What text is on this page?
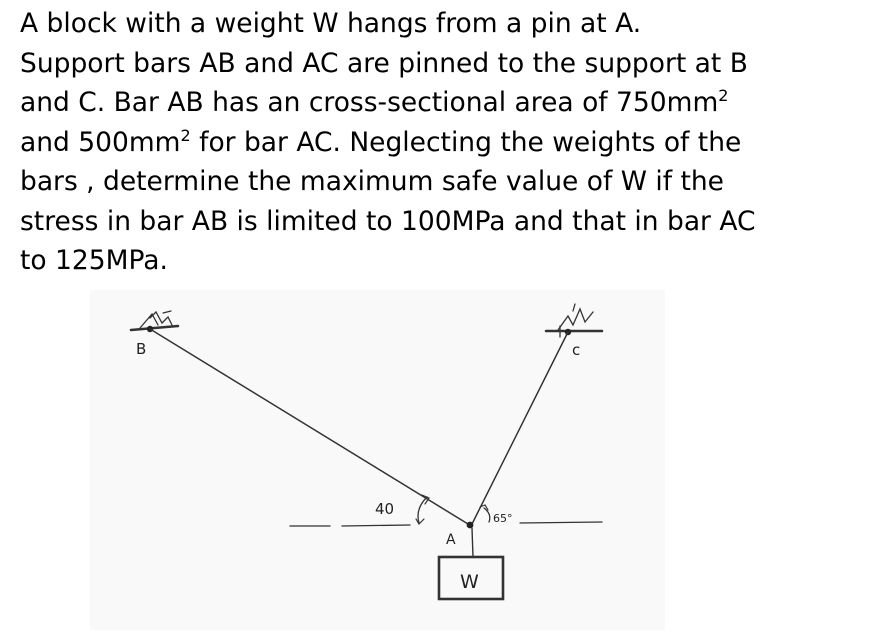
A block with a weight W hangs from a pin at A.
Support bars AB and AC are pinned to the support at B
and C. Bar AB has an cross-sectional area of $750mm^2$
and $500mm^2$ for bar AC. Neglecting the weights of the
bars , determine the maximum safe value of W if the
stress in bar AB is limited to 100MPa and that in bar AC
to 125MPa.
B	c
A
W
40
65°
